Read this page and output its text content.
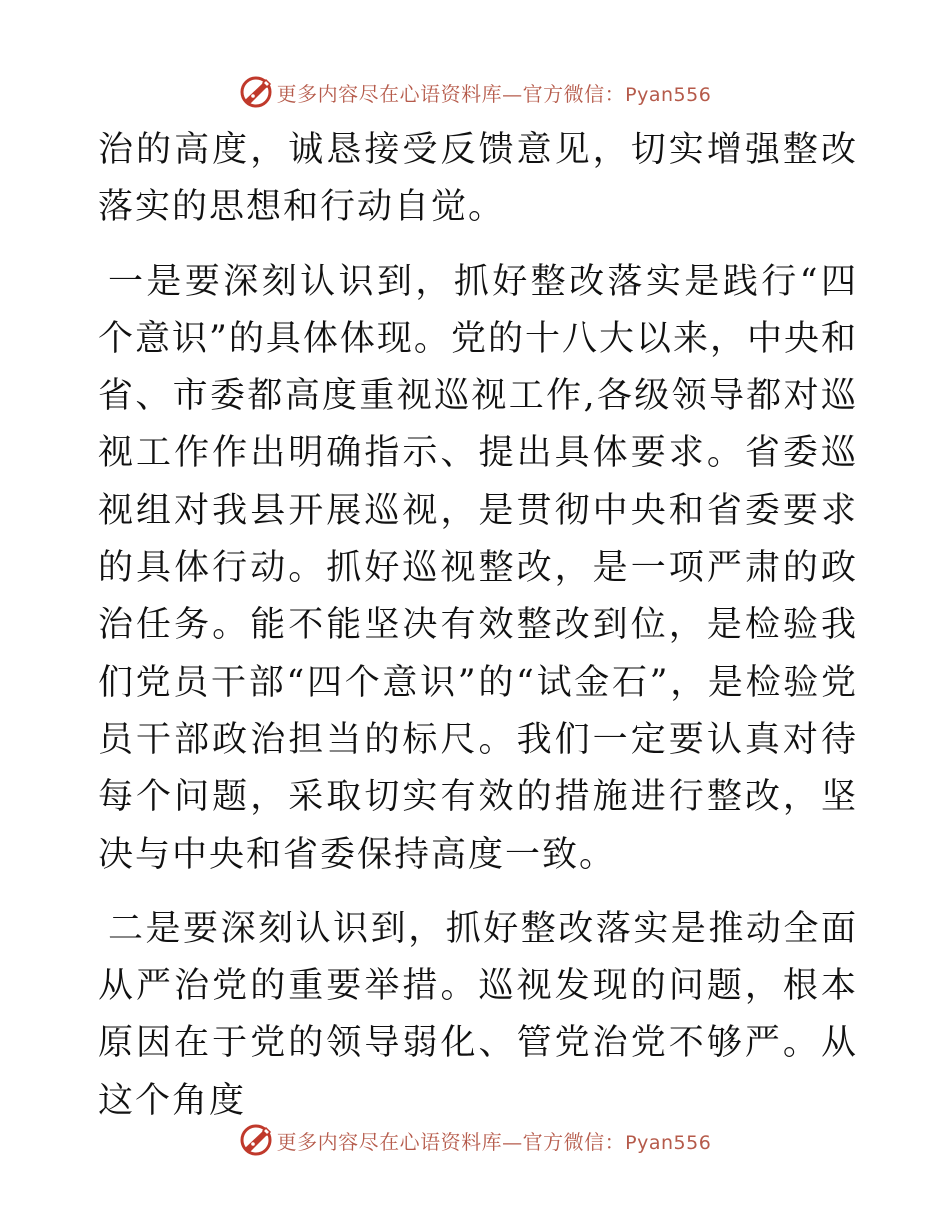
更多内容尽在心语资料库—官方微信：Pyan556

治的高度，诚恳接受反馈意见，切实增强整改落实的思想和行动自觉。

一是要深刻认识到，抓好整改落实是践行“四个意识”的具体体现。党的十八大以来，中央和省、市委都高度重视巡视工作,各级领导都对巡视工作作出明确指示、提出具体要求。省委巡视组对我县开展巡视，是贯彻中央和省委要求的具体行动。抓好巡视整改，是一项严肃的政治任务。能不能坚决有效整改到位，是检验我们党员干部“四个意识”的“试金石”，是检验党员干部政治担当的标尺。我们一定要认真对待每个问题，采取切实有效的措施进行整改，坚决与中央和省委保持高度一致。

二是要深刻认识到，抓好整改落实是推动全面从严治党的重要举措。巡视发现的问题，根本原因在于党的领导弱化、管党治党不够严。从这个角度

更多内容尽在心语资料库—官方微信：Pyan556
